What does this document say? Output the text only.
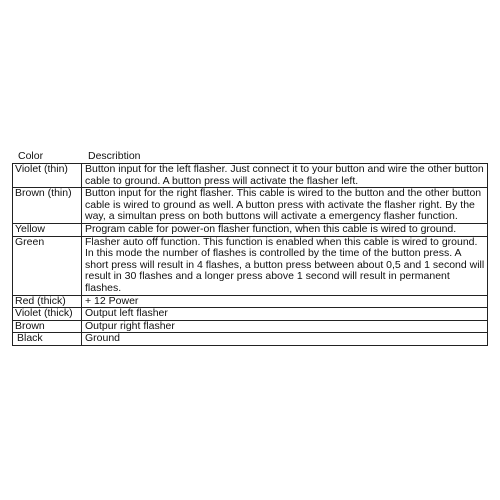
Color	Describtion
Violet (thin)	Button input for the left flasher. Just connect it to your button and wire the other button cable to ground. A button press will activate the flasher left.
Brown (thin)	Button input for the right flasher. This cable is wired to the button and the other button cable is wired to ground as well. A button press with activate the flasher right. By the way, a simultan press on both buttons will activate a emergency flasher function.
Yellow	Program cable for power-on flasher function, when this cable is wired to ground.
Green	Flasher auto off function. This function is enabled when this cable is wired to ground. In this mode the number of flashes is controlled by the time of the button press. A short press will result in 4 flashes, a button press between about 0,5 and 1 second will result in 30 flashes and a longer press above 1 second will result in permanent flashes.
Red (thick)	+ 12 Power
Violet (thick)	Output left flasher
Brown	Outpur right flasher
Black	Ground
